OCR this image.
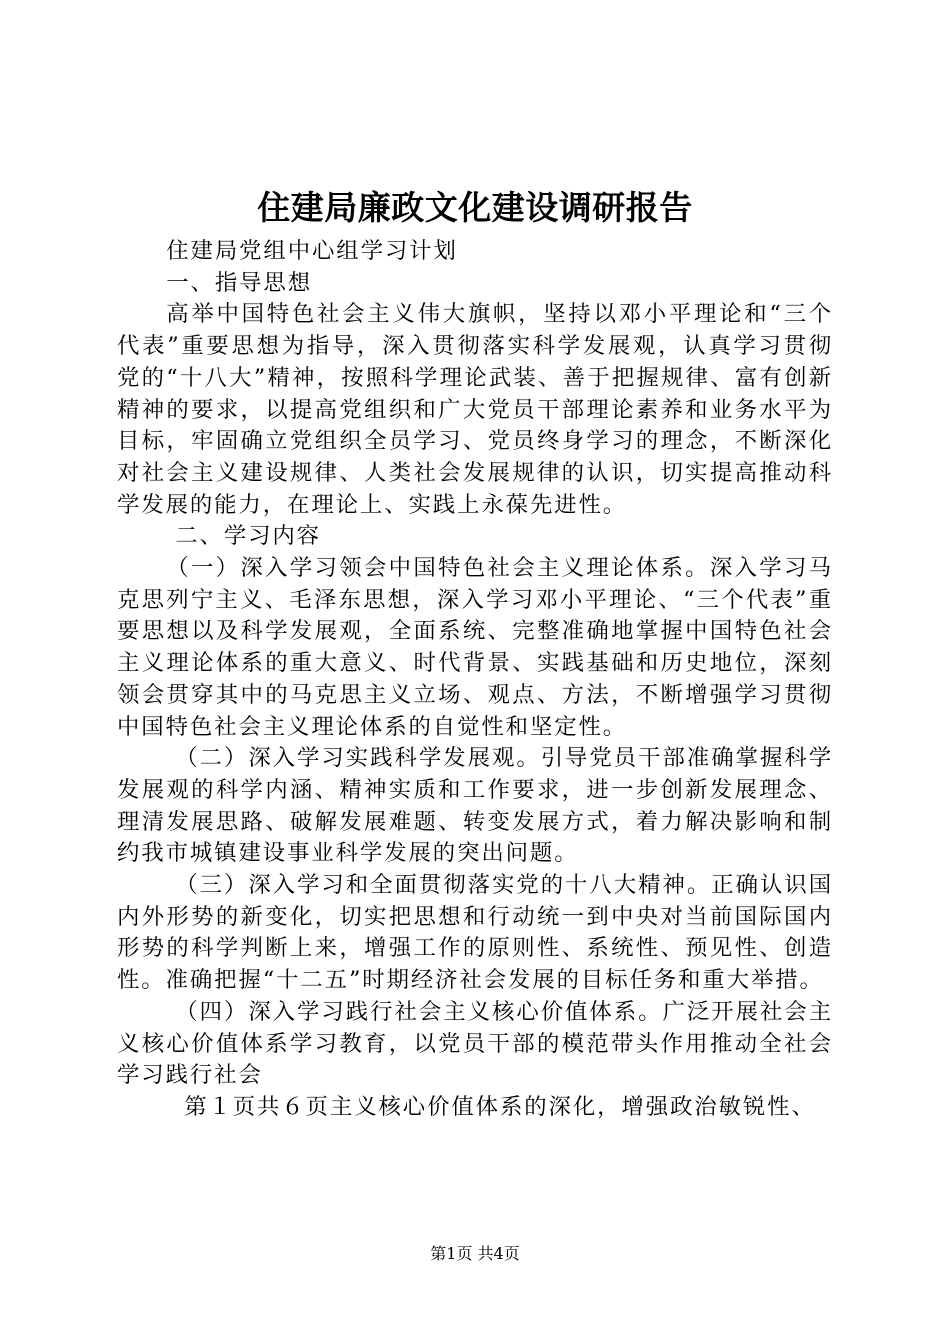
住建局廉政文化建设调研报告

住建局党组中心组学习计划

一、指导思想

高举中国特色社会主义伟大旗帜，坚持以邓小平理论和“三个代表”重要思想为指导，深入贯彻落实科学发展观，认真学习贯彻党的“十八大”精神，按照科学理论武装、善于把握规律、富有创新精神的要求，以提高党组织和广大党员干部理论素养和业务水平为目标，牢固确立党组织全员学习、党员终身学习的理念，不断深化对社会主义建设规律、人类社会发展规律的认识，切实提高推动科学发展的能力，在理论上、实践上永葆先进性。

二、学习内容

（一）深入学习领会中国特色社会主义理论体系。深入学习马克思列宁主义、毛泽东思想，深入学习邓小平理论、“三个代表”重要思想以及科学发展观，全面系统、完整准确地掌握中国特色社会主义理论体系的重大意义、时代背景、实践基础和历史地位，深刻领会贯穿其中的马克思主义立场、观点、方法，不断增强学习贯彻中国特色社会主义理论体系的自觉性和坚定性。

（二）深入学习实践科学发展观。引导党员干部准确掌握科学发展观的科学内涵、精神实质和工作要求，进一步创新发展理念、理清发展思路、破解发展难题、转变发展方式，着力解决影响和制约我市城镇建设事业科学发展的突出问题。

（三）深入学习和全面贯彻落实党的十八大精神。正确认识国内外形势的新变化，切实把思想和行动统一到中央对当前国际国内形势的科学判断上来，增强工作的原则性、系统性、预见性、创造性。准确把握“十二五”时期经济社会发展的目标任务和重大举措。

（四）深入学习践行社会主义核心价值体系。广泛开展社会主义核心价值体系学习教育，以党员干部的模范带头作用推动全社会学习践行社会

第１页共６页主义核心价值体系的深化，增强政治敏锐性、

第1页 共4页
